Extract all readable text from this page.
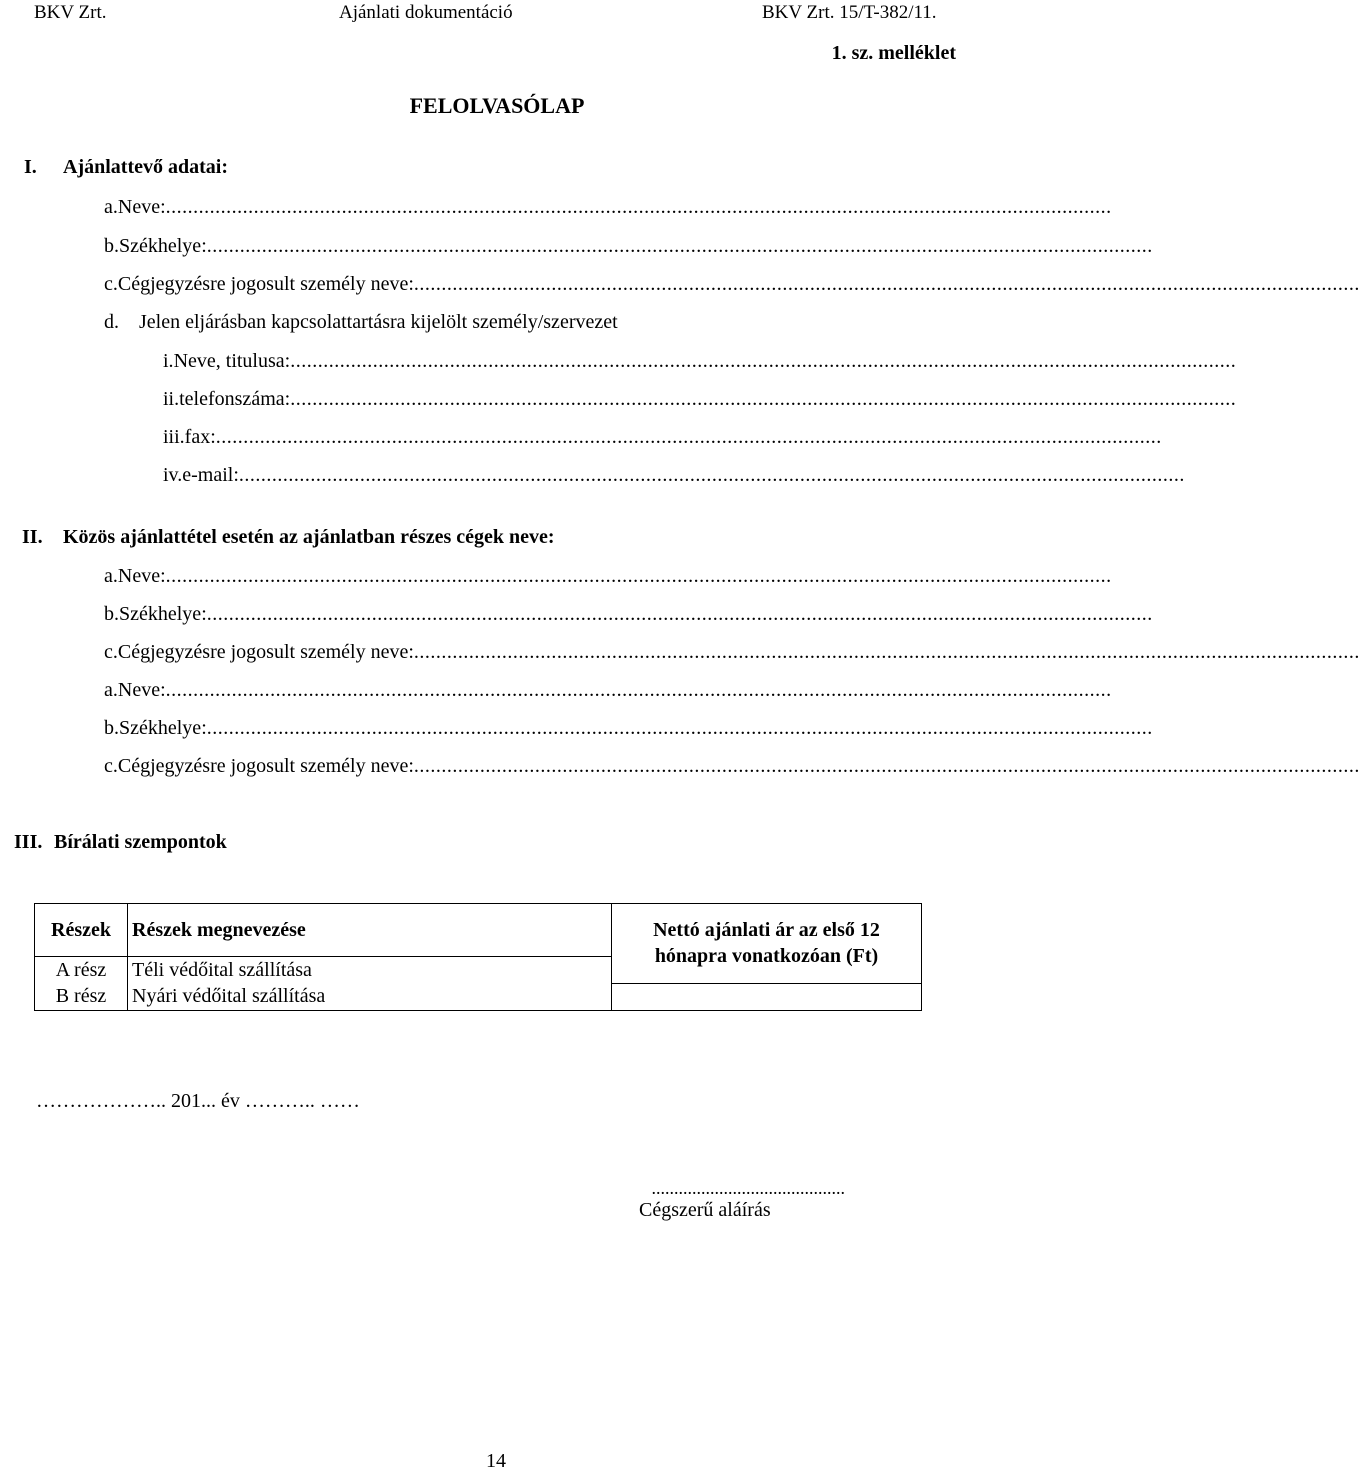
BKV Zrt.	Ajánlati dokumentáció	BKV Zrt. 15/T-382/11.
1. sz. melléklet
FELOLVASÓLAP
I. Ajánlattevő adatai:
a. Neve: ............................................................................................................................................................................
b. Székhelye: ............................................................................................................................................................................
c. Cégjegyzésre jogosult személy neve: ............................................................................................................................................................................
d.	Jelen eljárásban kapcsolattartásra kijelölt személy/szervezet
i. Neve, titulusa: ............................................................................................................................................................................
ii. telefonszáma: ............................................................................................................................................................................
iii. fax: ............................................................................................................................................................................
iv. e-mail: ............................................................................................................................................................................
II. Közös ajánlattétel esetén az ajánlatban részes cégek neve:
a. Neve: ............................................................................................................................................................................
b. Székhelye: ............................................................................................................................................................................
c. Cégjegyzésre jogosult személy neve: ............................................................................................................................................................................
a. Neve: ............................................................................................................................................................................
b. Székhelye: ............................................................................................................................................................................
c. Cégjegyzésre jogosult személy neve: ............................................................................................................................................................................
III. Bírálati szempontok
Részek	Részek megnevezése	Nettó ajánlati ár az első 12 hónapra vonatkozóan (Ft)
A rész	Téli védőital szállítása	
B rész	Nyári védőital szállítása	
……………….. 201... év ……….. ……
...........................................
Cégszerű aláírás
14
